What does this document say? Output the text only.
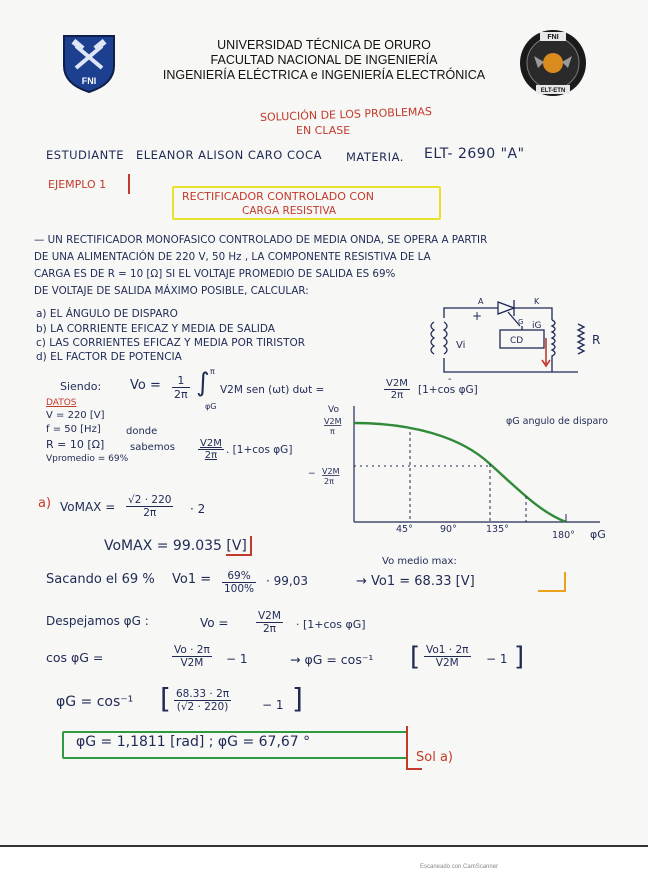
FNI
UNIVERSIDAD TÉCNICA DE ORURO
FACULTAD NACIONAL DE INGENIERÍA
INGENIERÍA ELÉCTRICA e INGENIERÍA ELECTRÓNICA
FNI
ELT-ETN
SOLUCIÓN DE LOS PROBLEMAS
EN CLASE
ESTUDIANTE ELEANOR ALISON CARO COCA MATERIA. ELT- 2690 "A"
EJEMPLO 1
RECTIFICADOR CONTROLADO CON
CARGA RESISTIVA
— UN RECTIFICADOR MONOFASICO CONTROLADO DE MEDIA ONDA, SE OPERA A PARTIR
DE UNA ALIMENTACIÓN DE 220 V, 50 Hz , LA COMPONENTE RESISTIVA DE LA
CARGA ES DE R = 10 [Ω] SI EL VOLTAJE PROMEDIO DE SALIDA ES 69%
DE VOLTAJE DE SALIDA MÁXIMO POSIBLE, CALCULAR:
a) EL ÁNGULO DE DISPARO
b) LA CORRIENTE EFICAZ Y MEDIA DE SALIDA
c) LAS CORRIENTES EFICAZ Y MEDIA POR TIRISTOR
d) EL FACTOR DE POTENCIA
Vi	CD
iG
R
+
-
A	K
G
Siendo: $Vo = \frac{1}{2\pi}$ ∫ π
φG
V2M sen (ωt) dωt =	$\frac{V2M}{2\pi} [1+\cos$ φG]
DATOS
V = 220 [V]
f = 50 [Hz]
R = 10 [Ω]
Vpromedio = 69%
donde
sabemos $\frac{V2M}{2\pi}$ . [1+cos φG]
Vo
V2M
π
− V2M
2π
φG angulo de disparo
45°	90°	135°
180° φG
a) VoMAX = $\frac{√2 \cdot 220}{2\pi} \cdot 2$
VoMAX = 99.035 [V]
Vo medio max:
Sacando el 69 % $Vo1 = \frac{69\%}{100\%} \cdot 99,03$	→ Vo1 = 68.33 [V]
Despejamos φG :	Vo =	$\frac{V2M}{2\pi} \cdot [1+\cos$ φG]
cos φG =	$\frac{Vo \cdot 2\pi}{V2M} - 1$	→ φG = cos⁻¹ [ $\frac{Vo1 \cdot 2\pi}{V2M} - 1$ ]
φG = cos⁻¹ [ $\frac{68.33 \cdot 2\pi}{(√2 \cdot 220)}$	− 1 ]
φG = 1,1811 [rad] ; φG = 67,67 °
Sol a)
Escaneado con CamScanner
